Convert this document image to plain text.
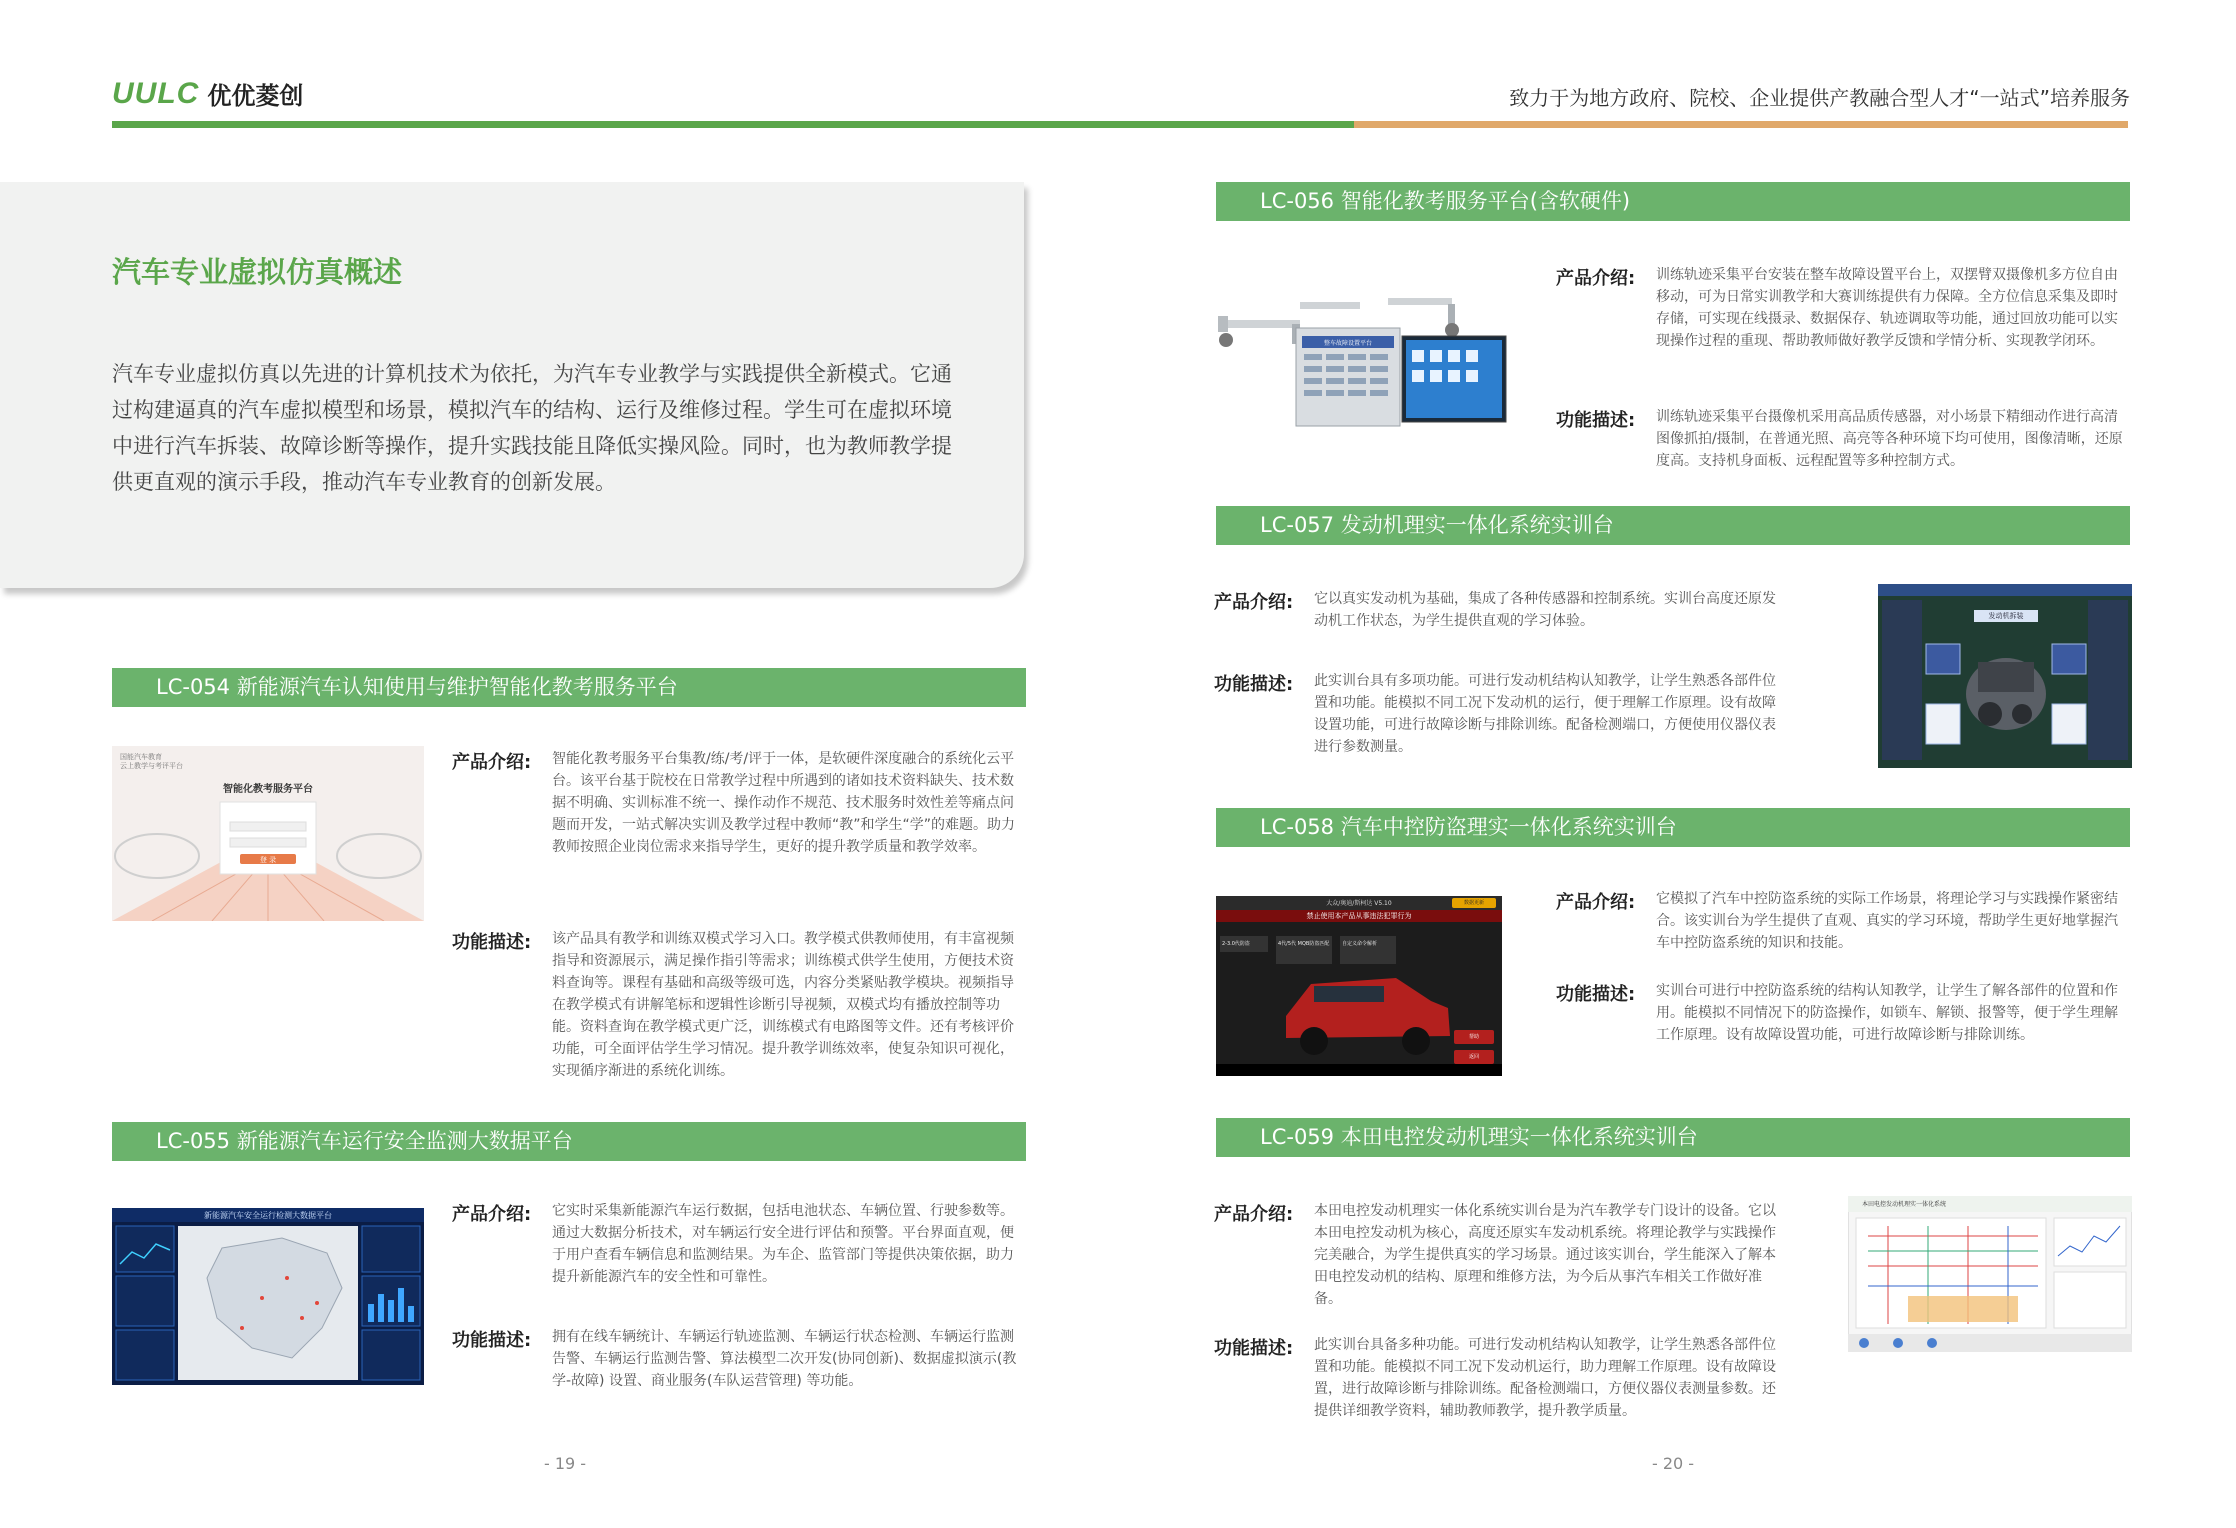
UULC 优优菱创	致力于为地方政府、院校、企业提供产教融合型人才“一站式”培养服务
汽车专业虚拟仿真概述
汽车专业虚拟仿真以先进的计算机技术为依托，为汽车专业教学与实践提供全新模式。它通过构建逼真的汽车虚拟模型和场景，模拟汽车的结构、运行及维修过程。学生可在虚拟环境中进行汽车拆装、故障诊断等操作，提升实践技能且降低实操风险。同时，也为教师教学提供更直观的演示手段，推动汽车专业教育的创新发展。
LC-054 新能源汽车认知使用与维护智能化教考服务平台
国能汽车教育
云上教学与考评平台
智能化教考服务平台
登 录
产品介绍: 智能化教考服务平台集教/练/考/评于一体，是软硬件深度融合的系统化云平台。该平台基于院校在日常教学过程中所遇到的诸如技术资料缺失、技术数据不明确、实训标准不统一、操作动作不规范、技术服务时效性差等痛点问题而开发，一站式解决实训及教学过程中教师“教”和学生“学”的难题。助力教师按照企业岗位需求来指导学生，更好的提升教学质量和教学效率。
功能描述: 该产品具有教学和训练双模式学习入口。教学模式供教师使用，有丰富视频指导和资源展示，满足操作指引等需求；训练模式供学生使用，方便技术资料查询等。课程有基础和高级等级可选，内容分类紧贴教学模块。视频指导在教学模式有讲解笔标和逻辑性诊断引导视频，双模式均有播放控制等功能。资料查询在教学模式更广泛，训练模式有电路图等文件。还有考核评价功能，可全面评估学生学习情况。提升教学训练效率，使复杂知识可视化，实现循序渐进的系统化训练。
LC-055 新能源汽车运行安全监测大数据平台
新能源汽车安全运行检测大数据平台	产品介绍: 它实时采集新能源汽车运行数据，包括电池状态、车辆位置、行驶参数等。通过大数据分析技术，对车辆运行安全进行评估和预警。平台界面直观，便于用户查看车辆信息和监测结果。为车企、监管部门等提供决策依据，助力提升新能源汽车的安全性和可靠性。
功能描述: 拥有在线车辆统计、车辆运行轨迹监测、车辆运行状态检测、车辆运行监测告警、车辆运行监测告警、算法模型二次开发(协同创新)、数据虚拟演示(教学-故障) 设置、商业服务(车队运营管理) 等功能。
- 19 -
LC-056 智能化教考服务平台(含软硬件)
整车故障设置平台
产品介绍: 训练轨迹采集平台安装在整车故障设置平台上，双摆臂双摄像机多方位自由移动，可为日常实训教学和大赛训练提供有力保障。全方位信息采集及即时存储，可实现在线摄录、数据保存、轨迹调取等功能，通过回放功能可以实现操作过程的重现、帮助教师做好教学反馈和学情分析、实现教学闭环。
功能描述: 训练轨迹采集平台摄像机采用高品质传感器，对小场景下精细动作进行高清图像抓拍/摄制，在普通光照、高亮等各种环境下均可使用，图像清晰，还原度高。支持机身面板、远程配置等多种控制方式。
LC-057 发动机理实一体化系统实训台
产品介绍: 它以真实发动机为基础，集成了各种传感器和控制系统。实训台高度还原发动机工作状态，为学生提供直观的学习体验。
功能描述: 此实训台具有多项功能。可进行发动机结构认知教学，让学生熟悉各部件位置和功能。能模拟不同工况下发动机的运行，便于理解工作原理。设有故障设置功能，可进行故障诊断与排除训练。配备检测端口，方便使用仪器仪表进行参数测量。
发动机拆装
LC-058 汽车中控防盗理实一体化系统实训台
大众/奥迪/斯柯达 V5.10
禁止使用本产品从事违法犯罪行为
数据更新
2-3.0代防盗	4代/5代 MQB防盗匹配	自定义命令解析
帮助
返回
产品介绍: 它模拟了汽车中控防盗系统的实际工作场景，将理论学习与实践操作紧密结合。该实训台为学生提供了直观、真实的学习环境，帮助学生更好地掌握汽车中控防盗系统的知识和技能。
功能描述: 实训台可进行中控防盗系统的结构认知教学，让学生了解各部件的位置和作用。能模拟不同情况下的防盗操作，如锁车、解锁、报警等，便于学生理解工作原理。设有故障设置功能，可进行故障诊断与排除训练。
LC-059 本田电控发动机理实一体化系统实训台
产品介绍: 本田电控发动机理实一体化系统实训台是为汽车教学专门设计的设备。它以本田电控发动机为核心，高度还原实车发动机系统。将理论教学与实践操作完美融合，为学生提供真实的学习场景。通过该实训台，学生能深入了解本田电控发动机的结构、原理和维修方法，为今后从事汽车相关工作做好准备。
功能描述: 此实训台具备多种功能。可进行发动机结构认知教学，让学生熟悉各部件位置和功能。能模拟不同工况下发动机运行，助力理解工作原理。设有故障设置，进行故障诊断与排除训练。配备检测端口，方便仪器仪表测量参数。还提供详细教学资料，辅助教师教学，提升教学质量。
本田电控发动机理实一体化系统
- 20 -
